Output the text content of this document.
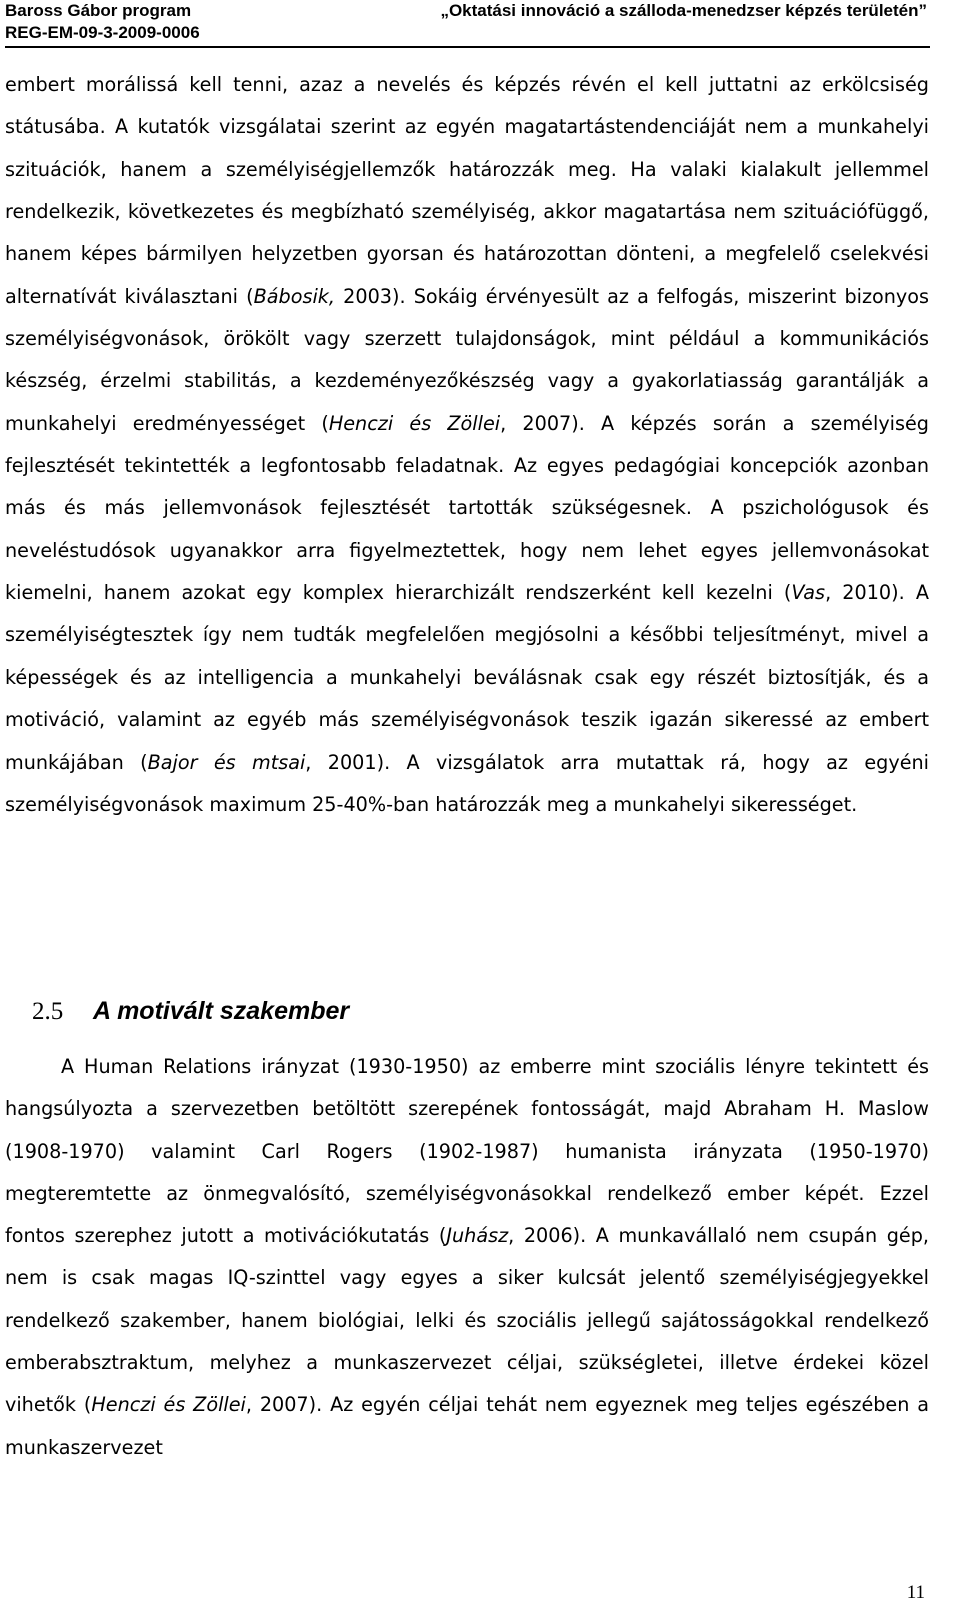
Baross Gábor program
REG-EM-09-3-2009-0006
„Oktatási innováció a szálloda-menedzser képzés területén”

embert morálissá kell tenni, azaz a nevelés és képzés révén el kell juttatni az erkölcsiség státusába. A kutatók vizsgálatai szerint az egyén magatartástendenciáját nem a munkahelyi szituációk, hanem a személyiségjellemzők határozzák meg. Ha valaki kialakult jellemmel rendelkezik, következetes és megbízható személyiség, akkor magatartása nem szituációfüggő, hanem képes bármilyen helyzetben gyorsan és határozottan dönteni, a megfelelő cselekvési alternatívát kiválasztani (Bábosik, 2003). Sokáig érvényesült az a felfogás, miszerint bizonyos személyiségvonások, örökölt vagy szerzett tulajdonságok, mint például a kommunikációs készség, érzelmi stabilitás, a kezdeményezőkészség vagy a gyakorlatiasság garantálják a munkahelyi eredményességet (Henczi és Zöllei, 2007). A képzés során a személyiség fejlesztését tekintették a legfontosabb feladatnak. Az egyes pedagógiai koncepciók azonban más és más jellemvonások fejlesztését tartották szükségesnek. A pszichológusok és neveléstudósok ugyanakkor arra figyelmeztettek, hogy nem lehet egyes jellemvonásokat kiemelni, hanem azokat egy komplex hierarchizált rendszerként kell kezelni (Vas, 2010). A személyiségtesztek így nem tudták megfelelően megjósolni a későbbi teljesítményt, mivel a képességek és az intelligencia a munkahelyi beválásnak csak egy részét biztosítják, és a motiváció, valamint az egyéb más személyiségvonások teszik igazán sikeressé az embert munkájában (Bajor és mtsai, 2001). A vizsgálatok arra mutattak rá, hogy az egyéni személyiségvonások maximum 25-40%-ban határozzák meg a munkahelyi sikerességet.

2.5 A motivált szakember

A Human Relations irányzat (1930-1950) az emberre mint szociális lényre tekintett és hangsúlyozta a szervezetben betöltött szerepének fontosságát, majd Abraham H. Maslow (1908-1970) valamint Carl Rogers (1902-1987) humanista irányzata (1950-1970) megteremtette az önmegvalósító, személyiségvonásokkal rendelkező ember képét. Ezzel fontos szerephez jutott a motivációkutatás (Juhász, 2006). A munkavállaló nem csupán gép, nem is csak magas IQ-szinttel vagy egyes a siker kulcsát jelentő személyiségjegyekkel rendelkező szakember, hanem biológiai, lelki és szociális jellegű sajátosságokkal rendelkező emberabsztraktum, melyhez a munkaszervezet céljai, szükségletei, illetve érdekei közel vihetők (Henczi és Zöllei, 2007). Az egyén céljai tehát nem egyeznek meg teljes egészében a munkaszervezet

11
